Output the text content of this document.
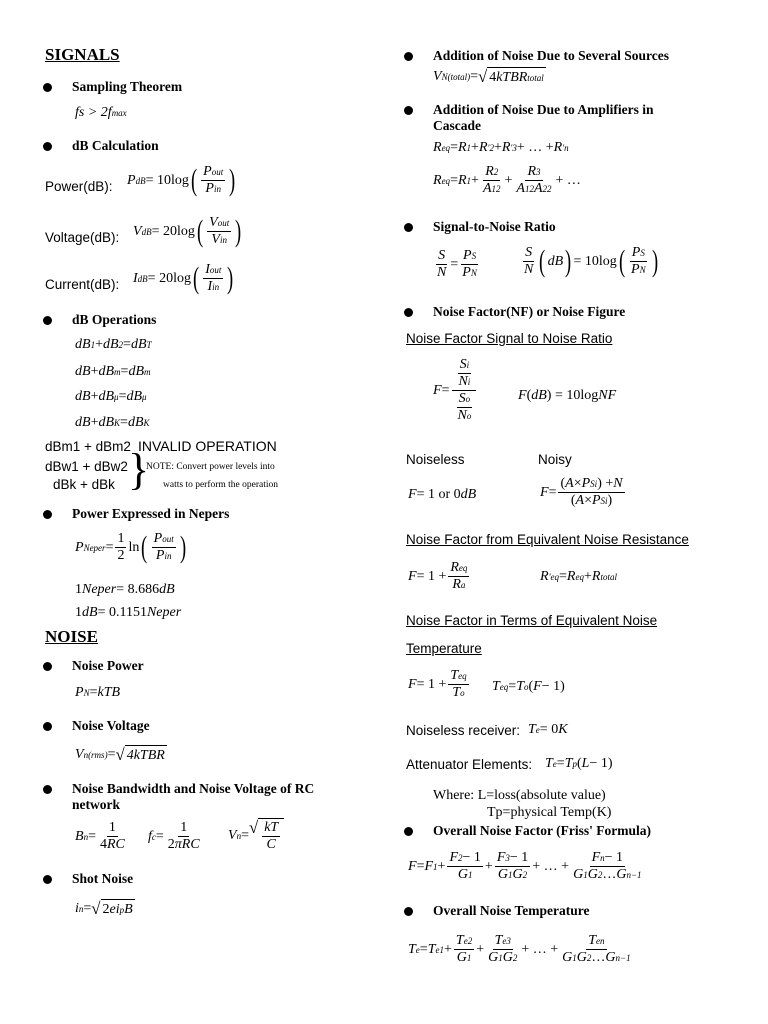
SIGNALS
Sampling Theorem
fs > 2 f max
dB Calculation
Power(dB): P dB = 10log ( $\frac{\text{P out}}{\text{P in}}$ )
Voltage(dB): V dB = 20log ( $\frac{\text{V out}}{\text{V in}}$ )
Current(dB): I dB = 20log ( $\frac{\text{I out}}{\text{I in}}$ )
dB Operations
dB 1 + dB 2 = dB T
dB + dB m = dB m
dB + dB μ = dB μ
dB + dB K = dB K
dBm1 + dBm2 INVALID OPERATION
dBw1 + dBw2
dBk + dBk }
NOTE: Convert power levels into
watts to perform the operation
Power Expressed in Nepers
P Neper = $\frac{1}{2}$ ln ( $\frac{\text{P out}}{\text{P in}}$ )
1 Neper = 8.686 dB
1 dB = 0.1151 Neper
NOISE
Noise Power
P N = kTB
Noise Voltage
V n(rms) = √ 4kTBR
Noise Bandwidth and Noise Voltage of RC
network
B $n = \frac{1}{4 RC}$ f $c = \frac{1}{\text{2 πRC}}$ V n = √ $\frac{kT}{C}$
Shot Noise
i n = √ 2 ei p B
Addition of Noise Due to Several Sources
V N(total) = √ 4 kTBR total
Addition of Noise Due to Amplifiers in
Cascade
R eq = R 1 + R ' 2 + R ' 3 + … + R ' n
R eq = R $1 + \frac{R 2}{A 1 2} + \frac{R 3}{A 1 2 A 2 2}$ + …
Signal-to-Noise Ratio
$\frac{S}{N} = \frac{\text{P S}}{\text{P N}}$	$\frac{S}{N}$ ( dB ) = 10log ( $\frac{\text{P S}}{\text{P N}}$ )
Noise Factor(NF) or Noise Figure
Noise Factor Signal to Noise Ratio
$F = \frac{\frac{\text{S i}}{\text{N i}}}{\frac{\text{S o}}{\text{N o}}}$	F ( dB ) = 10log NF
Noiseless	Noisy
F = 1 or 0 dB	$F = \frac{\text{( A × P Si ) + N}}{\text{( A × P Si )}}$
Noise Factor from Equivalent Noise Resistance
$F = 1 + \frac{\text{R eq}}{\text{R a}}$	R ' eq = R eq + R total
Noise Factor in Terms of Equivalent Noise
Temperature
$F = 1 + \frac{\text{T eq}}{\text{T o}}$ T eq = T o ( F − 1)
Noiseless receiver: T e = 0 K
Attenuator Elements: T e = T p ( L − 1)
Where: L=loss(absolute value)
Tp=physical Temp(K)
Overall Noise Factor (Friss' Formula)
F = F $1 + \frac{F 2 - 1}{G 1} + \frac{F 3 - 1}{G 1 G 2}$ + … + $\frac{\text{F n − 1}}{\text{G 1 G 2 … G n−1}}$
Overall Noise Temperature
T e = T $e1 + \frac{\text{T e2}}{G 1} + \frac{\text{T e3}}{G 1 G 2}$ + … + $\frac{\text{T en}}{\text{G 1 G 2 … G n−1}}$
